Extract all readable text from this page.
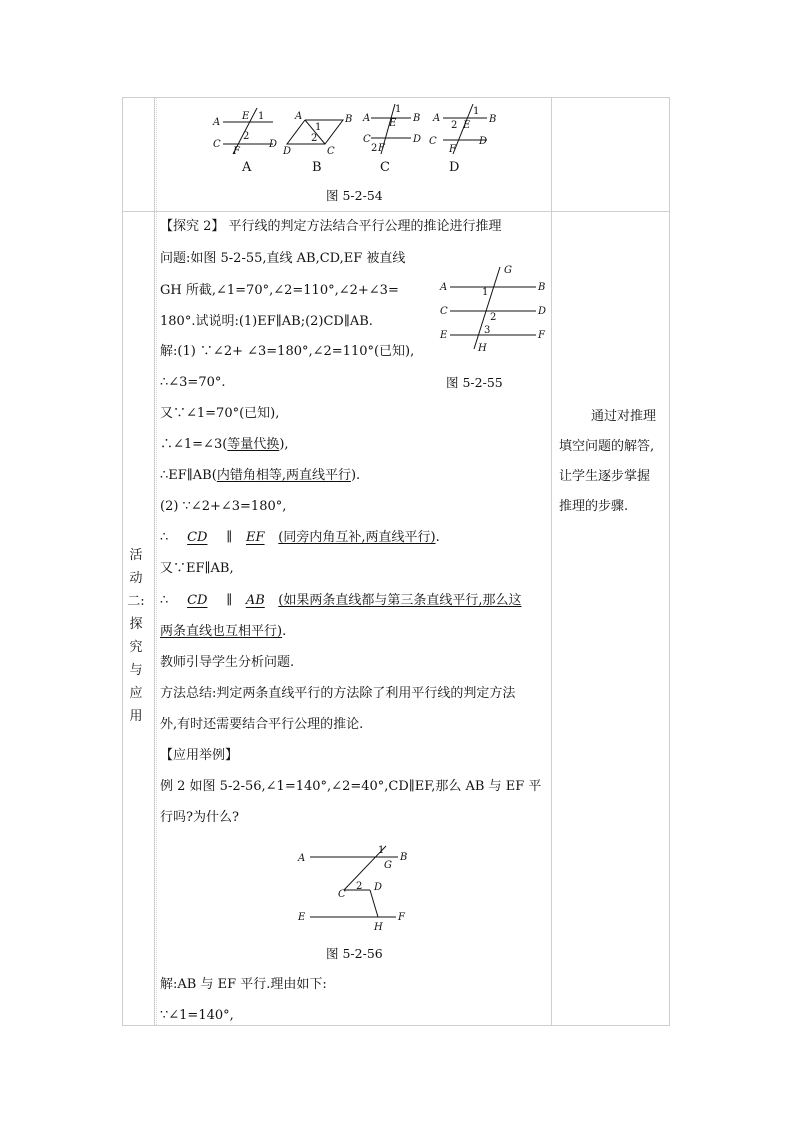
A
C	D
E 1
2
F
B
A
D	C
1
2
A
C
B
D
E
1
2 F
A	B
C	D
1
2 E
F
A	B	C	D
图 5-2-54
活动
二:
探究
与
应用
【探究 2】 平行线的判定方法结合平行公理的推论进行推理
问题:如图 5-2-55,直线 AB,CD,EF 被直线
GH 所截,∠1=70°,∠2=110°,∠2+∠3=
180°.试说明:(1)EF∥AB;(2)CD∥AB.
A	B
C	D
E	F
G
H
1
2
3
图 5-2-55
解:(1) ∵∠2+ ∠3=180°,∠2=110°(已知),
∴∠3=70°.
又∵∠1=70°(已知),
∴∠1=∠3(等量代换),
∴EF∥AB(内错角相等,两直线平行).
(2) ∵∠2+∠3=180°,
∴ CD ∥ EF (同旁内角互补,两直线平行).
又∵EF∥AB,
∴ CD ∥ AB (如果两条直线都与第三条直线平行,那么这
两条直线也互相平行).
教师引导学生分析问题.
方法总结:判定两条直线平行的方法除了利用平行线的判定方法
外,有时还需要结合平行公理的推论.
【应用举例】
例 2 如图 5-2-56,∠1=140°,∠2=40°,CD∥EF,那么 AB 与 EF 平
行吗?为什么?
A	B
1
G
C
2 D
E	F
H
图 5-2-56
解:AB 与 EF 平行.理由如下:
∵∠1=140°,
通过对推理
填空问题的解答,
让学生逐步掌握
推理的步骤.
